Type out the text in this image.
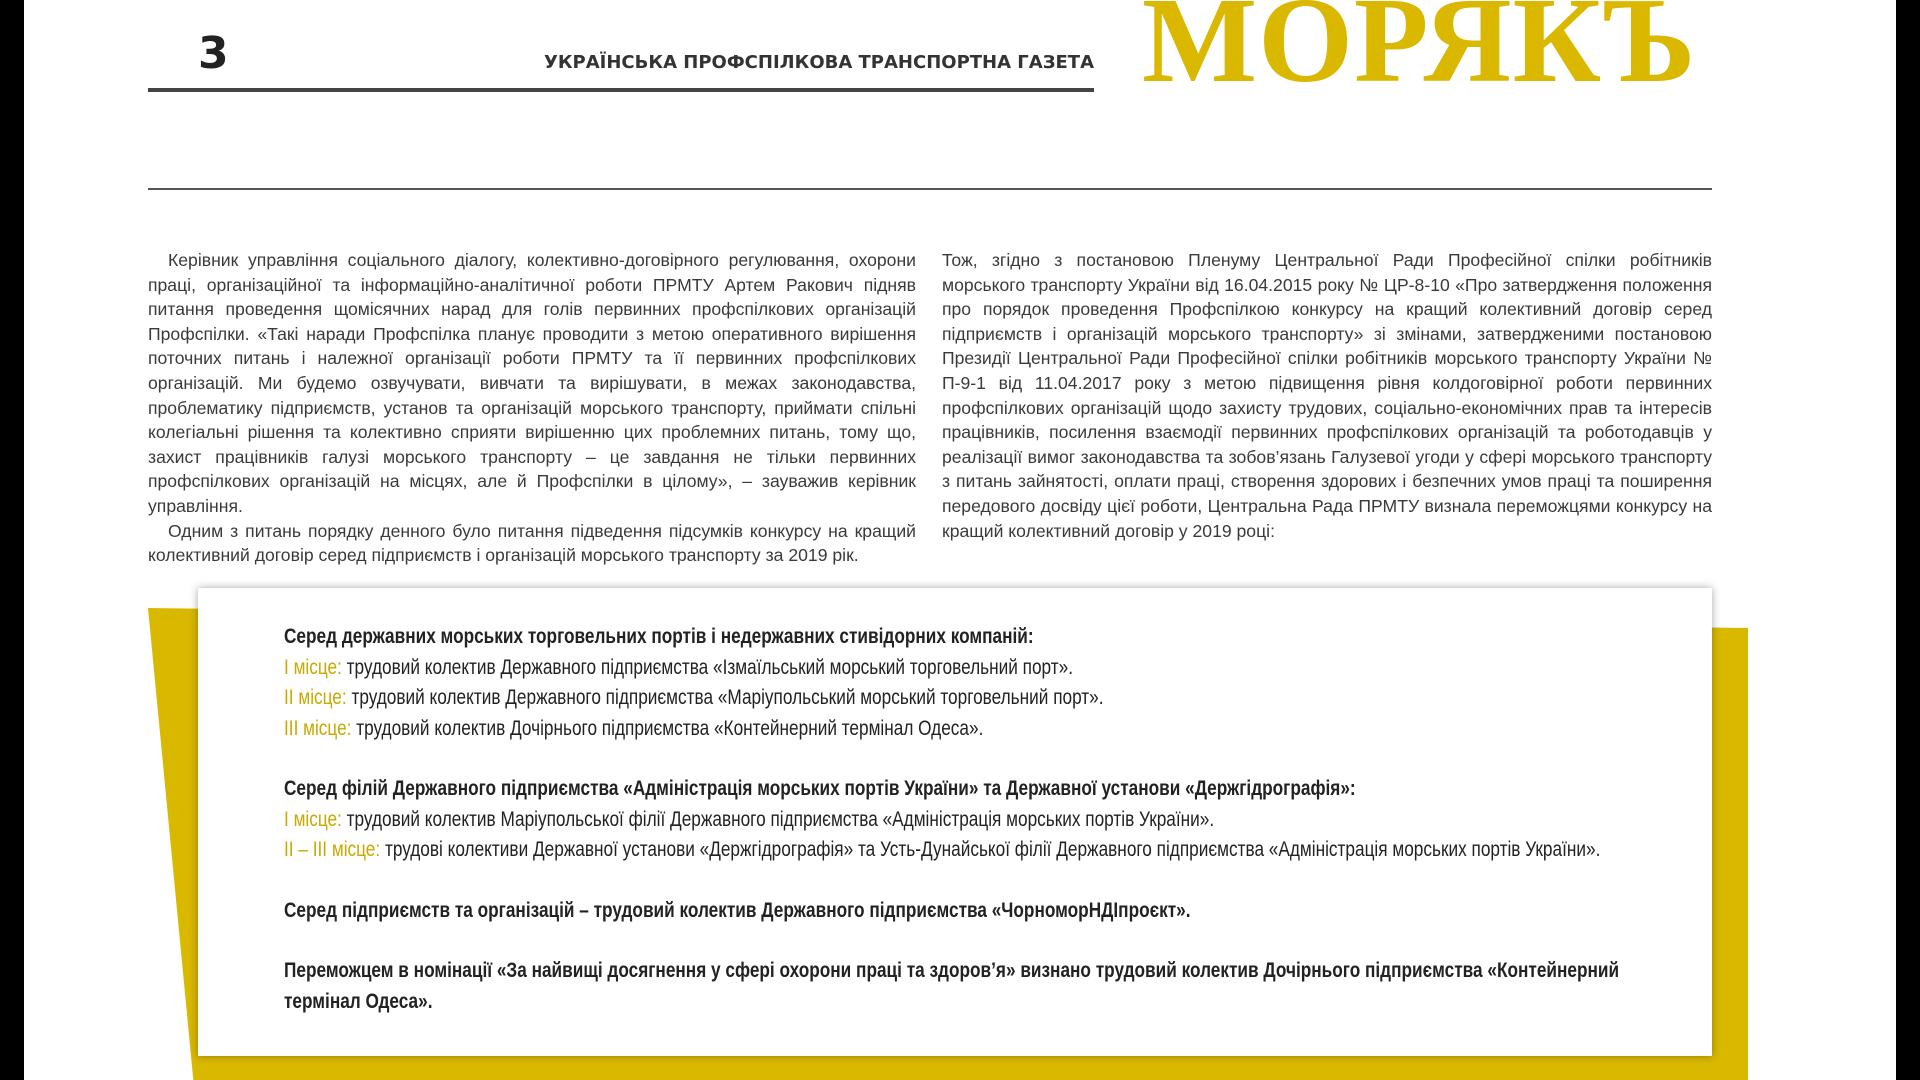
3	УКРАЇНСЬКА ПРОФСПІЛКОВА ТРАНСПОРТНА ГАЗЕТА МОРЯКЪ

Керівник управління соціального діалогу, колективно-договірного регулювання, охорони праці, організаційної та інформаційно-аналітичної роботи ПРМТУ Артем Ракович підняв питання проведення щомісячних нарад для голів первинних профспілкових організацій Профспілки. «Такі наради Профспілка планує проводити з метою оперативного вирішення поточних питань і належної організації роботи ПРМТУ та її первинних профспілкових організацій. Ми будемо озвучувати, вивчати та вирішувати, в межах законодавства, проблематику підприємств, установ та організацій морського транспорту, приймати спільні колегіальні рішення та колективно сприяти вирішенню цих проблемних питань, тому що, захист працівників галузі морського транспорту – це завдання не тільки первинних профспілкових організацій на місцях, але й Профспілки в цілому», – зауважив керівник управління.

Одним з питань порядку денного було питання підведення підсумків конкурсу на кращий колективний договір серед підприємств і організацій морського транспорту за 2019 рік.

Тож, згідно з постановою Пленуму Центральної Ради Професійної спілки робітників морського транспорту України від 16.04.2015 року № ЦР-8-10 «Про затвердження положення про порядок проведення Профспілкою конкурсу на кращий колективний договір серед підприємств і організацій морського транспорту» зі змінами, затвердженими постановою Президії Центральної Ради Професійної спілки робітників морського транспорту України № П-9-1 від 11.04.2017 року з метою підвищення рівня колдоговірної роботи первинних профспілкових організацій щодо захисту трудових, соціально-економічних прав та інтересів працівників, посилення взаємодії первинних профспілкових організацій та роботодавців у реалізації вимог законодавства та зобов’язань Галузевої угоди у сфері морського транспорту з питань зайнятості, оплати праці, створення здорових і безпечних умов праці та поширення передового досвіду цієї роботи, Центральна Рада ПРМТУ визнала переможцями конкурсу на кращий колективний договір у 2019 році:

Серед державних морських торговельних портів і недержавних стивідорних компаній:
І місце: трудовий колектив Державного підприємства «Ізмаїльський морський торговельний порт».
ІІ місце: трудовий колектив Державного підприємства «Маріупольський морський торговельний порт».
ІІІ місце: трудовий колектив Дочірнього підприємства «Контейнерний термінал Одеса».
Серед філій Державного підприємства «Адміністрація морських портів України» та Державної установи «Держгідрографія»:
І місце: трудовий колектив Маріупольської філії Державного підприємства «Адміністрація морських портів України».
ІІ – ІІІ місце: трудові колективи Державної установи «Держгідрографія» та Усть-Дунайської філії Державного підприємства «Адміністрація морських портів України».
Серед підприємств та організацій – трудовий колектив Державного підприємства «ЧорноморНДІпроєкт».
Переможцем в номінації «За найвищі досягнення у сфері охорони праці та здоров’я» визнано трудовий колектив Дочірнього підприємства «Контейнерний термінал Одеса».
